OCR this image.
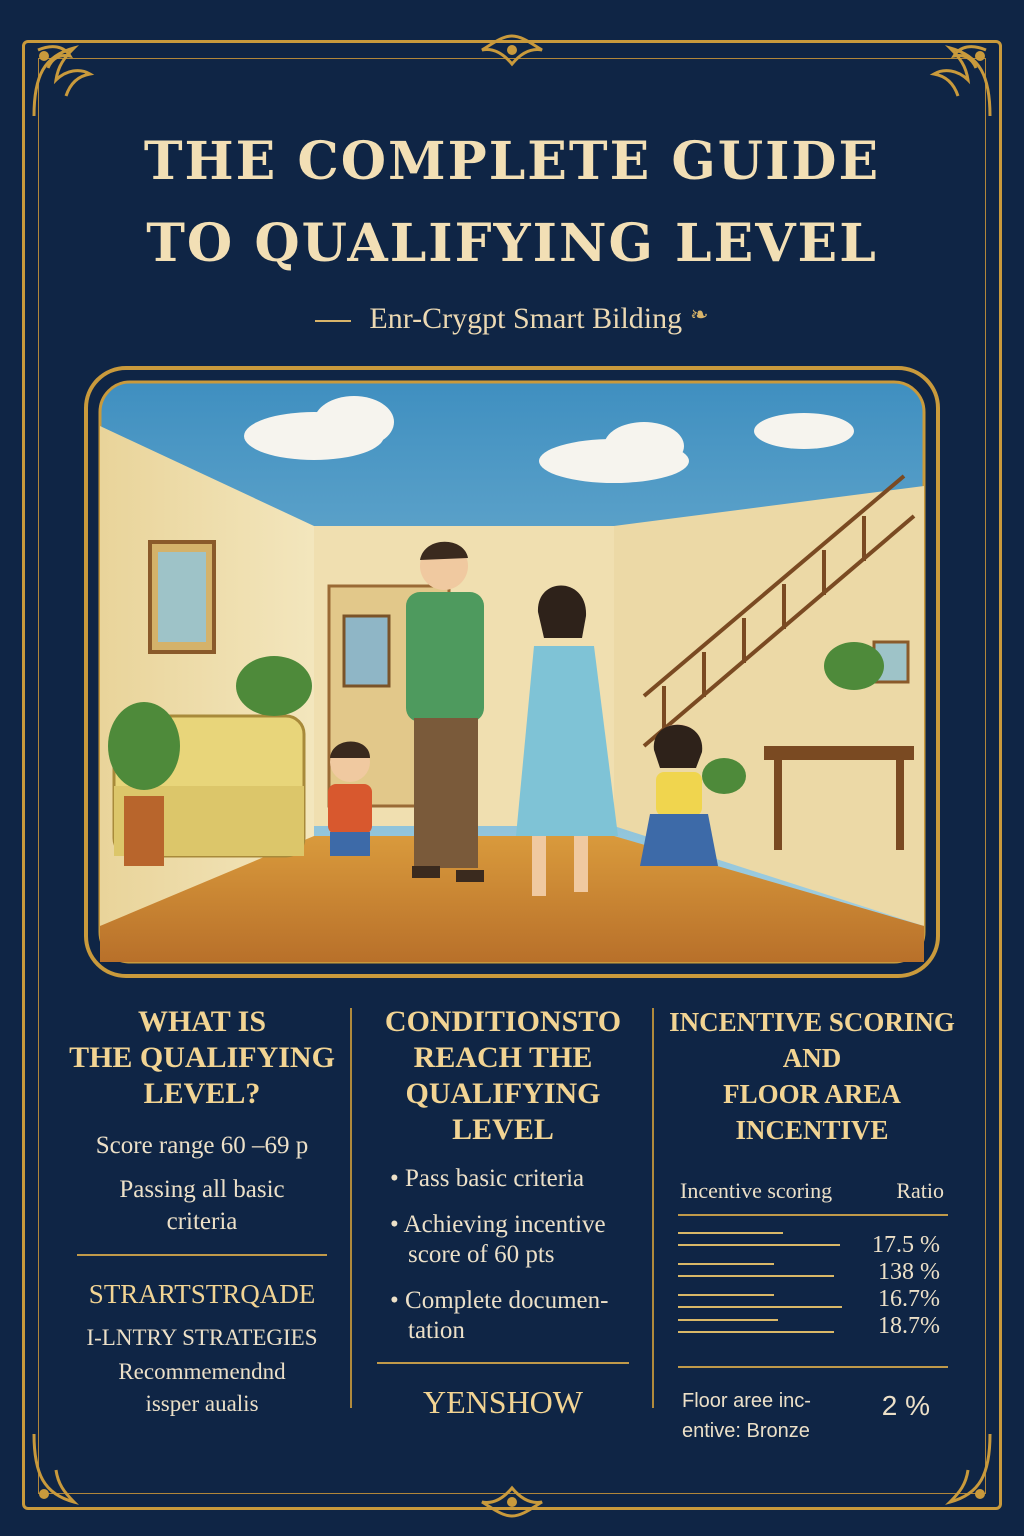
THE COMPLETE GUIDE
TO QUALIFYING LEVEL
Enr-Crygpt Smart Bilding ❧
WHAT IS
THE QUALIFYING
LEVEL?

Score range 60 –69 p

Passing all basic
criteria

STRARTSTRQADE

I-LNTRY STRATEGIES

Recommemendnd
issper aualis

CONDITIONSTO
REACH THE
QUALIFYING LEVEL
• Pass basic criteria
• Achieving incentive score of 60 pts
• Complete documen-tation

YENSHOW

INCENTIVE SCORING
AND
FLOOR AREA INCENTIVE
Incentive scoring	Ratio
17.5 %
138 %
16.7%
18.7%
Floor aree inc-
entive: Bronze
2 %
